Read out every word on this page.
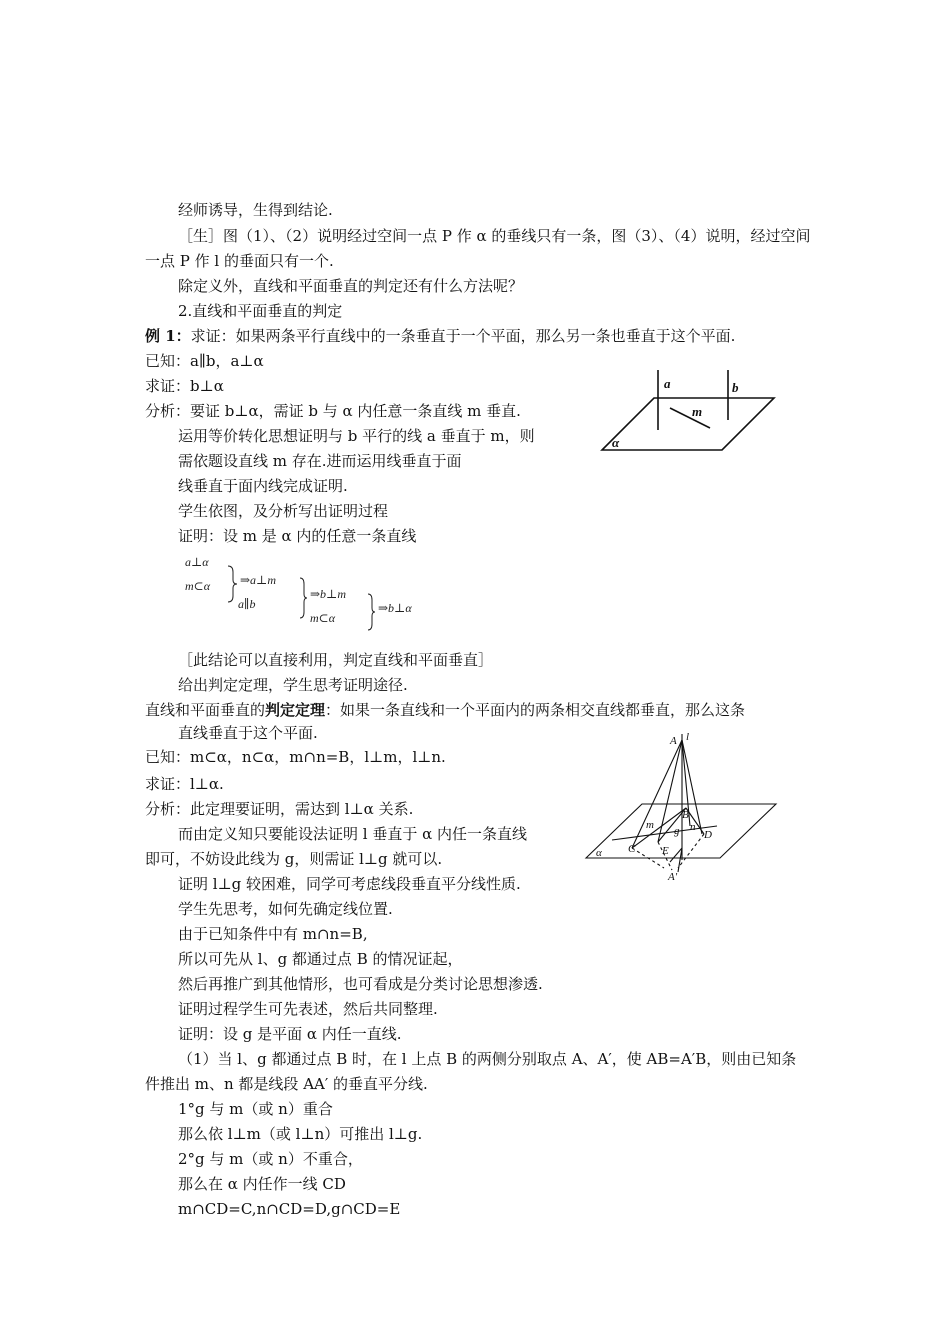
经师诱导，生得到结论.
［生］图（1）、（2）说明经过空间一点 P 作 α 的垂线只有一条，图（3）、（4）说明，经过空间
一点 P 作 l 的垂面只有一个.
除定义外，直线和平面垂直的判定还有什么方法呢？
2.直线和平面垂直的判定
例 1：求证：如果两条平行直线中的一条垂直于一个平面，那么另一条也垂直于这个平面.
已知：a∥b，a⊥α
求证：b⊥α
分析：要证 b⊥α，需证 b 与 α 内任意一条直线 m 垂直.
运用等价转化思想证明与 b 平行的线 a 垂直于 m，则
需依题设直线 m 存在.进而运用线垂直于面
线垂直于面内线完成证明.
学生依图，及分析写出证明过程
证明：设 m 是 α 内的任意一条直线
a⊥α
m⊂α ⇒a⊥m
a∥b
⇒b⊥m
m⊂α
⇒b⊥α
［此结论可以直接利用，判定直线和平面垂直］
给出判定定理，学生思考证明途径.
直线和平面垂直的判定定理：如果一条直线和一个平面内的两条相交直线都垂直，那么这条
直线垂直于这个平面.
已知：m⊂α，n⊂α，m∩n=B，l⊥m，l⊥n.
求证：l⊥α.
分析：此定理要证明，需达到 l⊥α 关系.
而由定义知只要能设法证明 l 垂直于 α 内任一条直线
即可，不妨设此线为 g，则需证 l⊥g 就可以.
证明 l⊥g 较困难，同学可考虑线段垂直平分线性质.
学生先思考，如何先确定线位置.
由于已知条件中有 m∩n=B,
所以可先从 l、g 都通过点 B 的情况证起，
然后再推广到其他情形，也可看成是分类讨论思想渗透.
证明过程学生可先表述，然后共同整理.
证明：设 g 是平面 α 内任一直线.
（1）当 l、g 都通过点 B 时，在 l 上点 B 的两侧分别取点 A、A′，使 AB=A′B，则由已知条
件推出 m、n 都是线段 AA′ 的垂直平分线.
1°g 与 m（或 n）重合
那么依 l⊥m（或 l⊥n）可推出 l⊥g.
2°g 与 m（或 n）不重合，
那么在 α 内任作一线 CD
m∩CD=C,n∩CD=D,g∩CD=E
a	b
m
α
A l
B
m	n
g D
C E
α
A′
